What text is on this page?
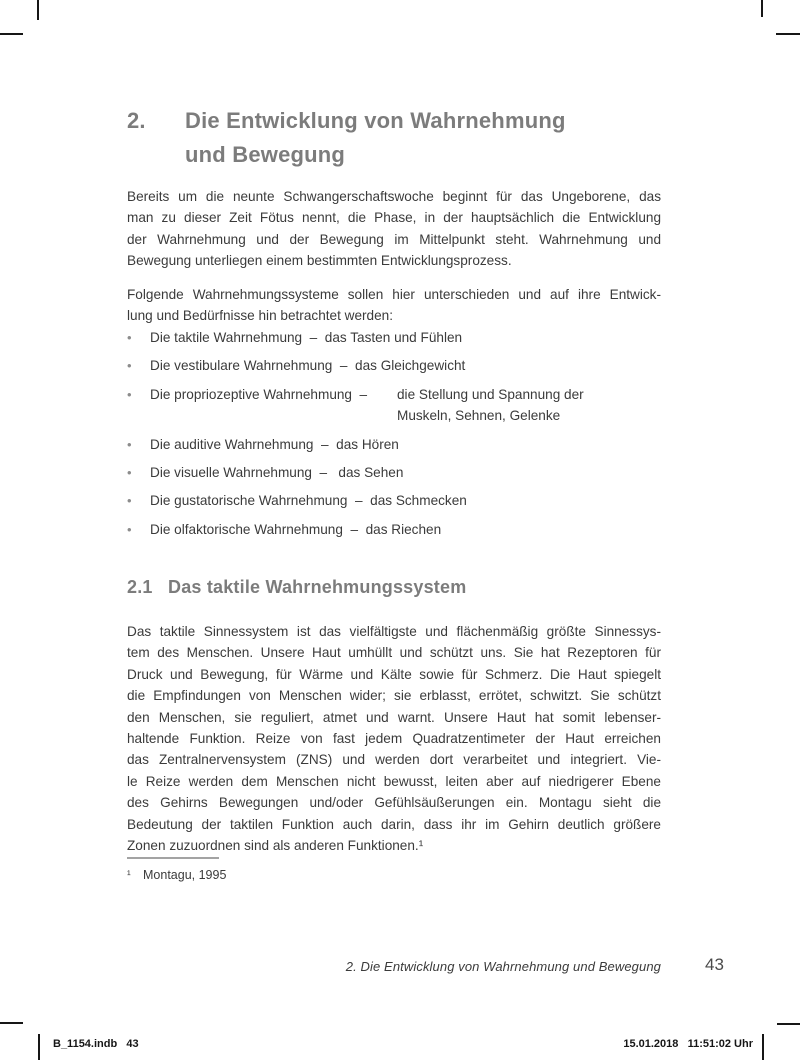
2.	Die Entwicklung von Wahrnehmung
und Bewegung
Bereits um die neunte Schwangerschaftswoche beginnt für das Ungeborene, das
man zu dieser Zeit Fötus nennt, die Phase, in der hauptsächlich die Entwicklung
der Wahrnehmung und der Bewegung im Mittelpunkt steht. Wahrnehmung und
Bewegung unterliegen einem bestimmten Entwicklungsprozess.
Folgende Wahrnehmungssysteme sollen hier unterschieden und auf ihre Entwick-
lung und Bedürfnisse hin betrachtet werden:
•	Die taktile Wahrnehmung  –  das Tasten und Fühlen
•	Die vestibulare Wahrnehmung  –  das Gleichgewicht
•	Die propriozeptive Wahrnehmung  –	die Stellung und Spannung der
Muskeln, Sehnen, Gelenke
•	Die auditive Wahrnehmung  –  das Hören
•	Die visuelle Wahrnehmung  –   das Sehen
•	Die gustatorische Wahrnehmung  –  das Schmecken
•	Die olfaktorische Wahrnehmung  –  das Riechen
2.1 Das taktile Wahrnehmungssystem
Das taktile Sinnessystem ist das vielfältigste und flächenmäßig größte Sinnessys-
tem des Menschen. Unsere Haut umhüllt und schützt uns. Sie hat Rezeptoren für
Druck und Bewegung, für Wärme und Kälte sowie für Schmerz. Die Haut spiegelt
die Empfindungen von Menschen wider; sie erblasst, errötet, schwitzt. Sie schützt
den Menschen, sie reguliert, atmet und warnt. Unsere Haut hat somit lebenser-
haltende Funktion. Reize von fast jedem Quadratzentimeter der Haut erreichen
das Zentralnervensystem (ZNS) und werden dort verarbeitet und integriert. Vie-
le Reize werden dem Menschen nicht bewusst, leiten aber auf niedrigerer Ebene
des Gehirns Bewegungen und/oder Gefühlsäußerungen ein. Montagu sieht die
Bedeutung der taktilen Funktion auch darin, dass ihr im Gehirn deutlich größere
Zonen zuzuordnen sind als anderen Funktionen.¹
¹ Montagu, 1995
2. Die Entwicklung von Wahrnehmung und Bewegung	43
B_1154.indb   43	15.01.2018   11:51:02 Uhr
